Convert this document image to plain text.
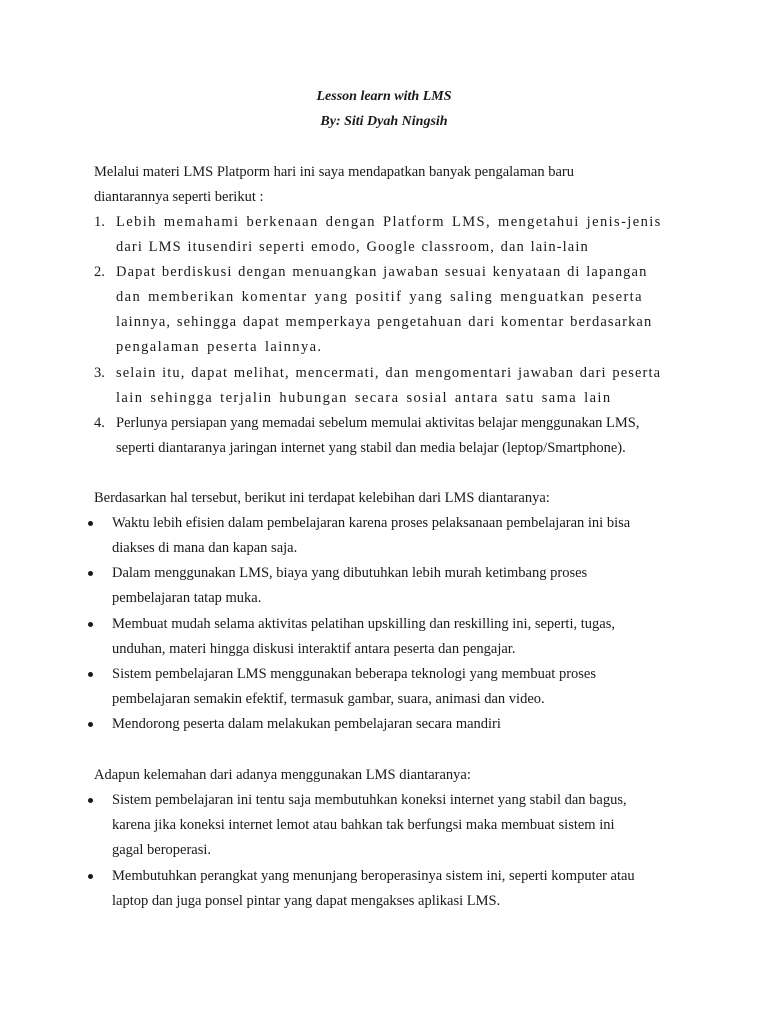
Lesson learn with LMS
By: Siti Dyah Ningsih
Melalui materi LMS Platporm hari ini saya mendapatkan banyak pengalaman baru
diantarannya seperti berikut :
1. Lebih memahami berkenaan dengan Platform LMS, mengetahui jenis-jenis
dari LMS itusendiri seperti emodo, Google classroom, dan lain-lain
2. Dapat berdiskusi dengan menuangkan jawaban sesuai kenyataan di lapangan
dan memberikan komentar yang positif yang saling menguatkan peserta
lainnya, sehingga dapat memperkaya pengetahuan dari komentar berdasarkan
pengalaman peserta lainnya.
3. selain itu, dapat melihat, mencermati, dan mengomentari jawaban dari peserta
lain sehingga terjalin hubungan secara sosial antara satu sama lain
4. Perlunya persiapan yang memadai sebelum memulai aktivitas belajar menggunakan LMS,
seperti diantaranya jaringan internet yang stabil dan media belajar (leptop/Smartphone).
Berdasarkan hal tersebut, berikut ini terdapat kelebihan dari LMS diantaranya:
Waktu lebih efisien dalam pembelajaran karena proses pelaksanaan pembelajaran ini bisa
diakses di mana dan kapan saja.
Dalam menggunakan LMS, biaya yang dibutuhkan lebih murah ketimbang proses
pembelajaran tatap muka.
Membuat mudah selama aktivitas pelatihan upskilling dan reskilling ini, seperti, tugas,
unduhan, materi hingga diskusi interaktif antara peserta dan pengajar.
Sistem pembelajaran LMS menggunakan beberapa teknologi yang membuat proses
pembelajaran semakin efektif, termasuk gambar, suara, animasi dan video.
Mendorong peserta dalam melakukan pembelajaran secara mandiri
Adapun kelemahan dari adanya menggunakan LMS diantaranya:
Sistem pembelajaran ini tentu saja membutuhkan koneksi internet yang stabil dan bagus,
karena jika koneksi internet lemot atau bahkan tak berfungsi maka membuat sistem ini
gagal beroperasi.
Membutuhkan perangkat yang menunjang beroperasinya sistem ini, seperti komputer atau
laptop dan juga ponsel pintar yang dapat mengakses aplikasi LMS.
